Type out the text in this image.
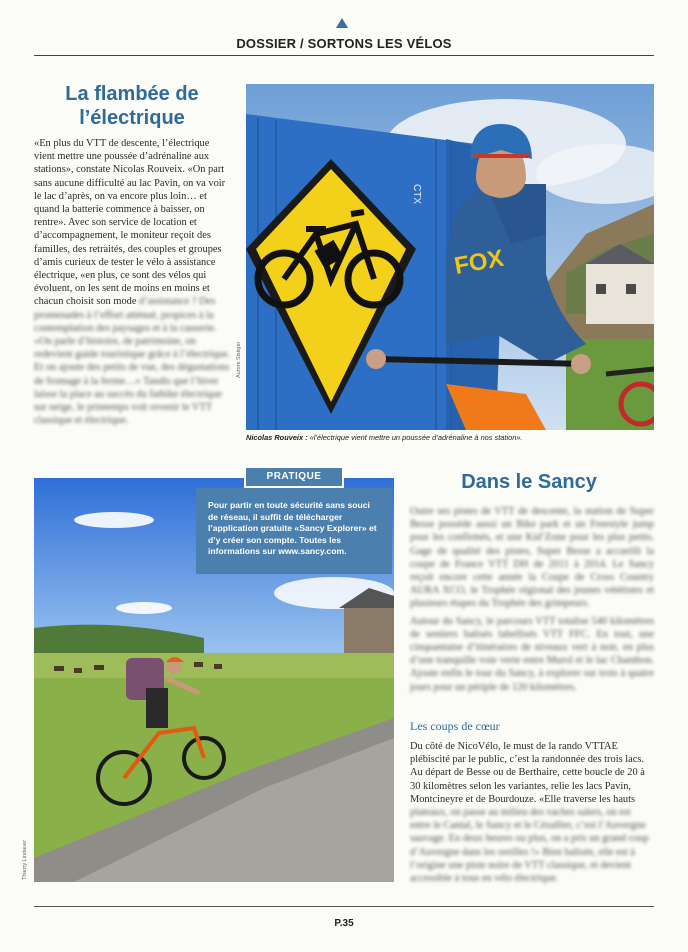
DOSSIER / SORTONS LES VÉLOS
La flambée de l’électrique
«En plus du VTT de descente, l’électrique vient mettre une poussée d’adrénaline aux stations», constate Nicolas Rouveix. «On part sans aucune difficulté au lac Pavin, on va voir le lac d’après, on va encore plus loin… et quand la batterie commence à baisser, on rentre». Avec son service de location et d’accompagnement, le moniteur reçoit des familles, des retraités, des couples et groupes d’amis curieux de tester le vélo à assistance électrique, «en plus, ce sont des vélos qui évoluent, on les sent de moins en moins et chacun choisit son mode d’assistance ? Des promenades à l’effort atténué, propices à la contemplation des paysages et à la causerie. «On parle d’histoire, de patrimoine, on redevient guide touristique grâce à l’électrique. Et on ajoute des petits de vue, des dégustations de fromage à la ferme…» Tandis que l’hiver laisse la place au succès du fatbike électrique sur neige, le printemps voit revenir le VTT classique et électrique.
CTX
FOX
Aurore Sistiger
Nicolas Rouveix : «l’électrique vient mettre un poussée d’adrénaline à nos station».
Thierry Lindauer
PRATIQUE
Pour partir en toute sécurité sans souci de réseau, il suffit de télécharger l’application gratuite «Sancy Explorer» et d’y créer son compte. Toutes les informations sur www.sancy.com.
Dans le Sancy

Outre ses pistes de VTT de descente, la station de Super Besse possède aussi un Bike park et un Freestyle jump pour les confirmés, et une Kid’Zone pour les plus petits. Gage de qualité des pistes, Super Besse a accueilli la coupe de France VTT DH de 2011 à 2014. Le Sancy reçoit encore cette année la Coupe de Cross Country AURA XCO, le Trophée régional des jeunes vététistes et plusieurs étapes du Trophée des grimpeurs.

Autour du Sancy, le parcours VTT totalise 540 kilomètres de sentiers balisés labellisés VTT FFC. En tout, une cinquantaine d’itinéraires de niveaux vert à noir, en plus d’une tranquille voie verte entre Murol et le lac Chambon. Ajoute enfin le tour du Sancy, à explorer sur trois à quatre jours pour un périple de 120 kilomètres.

Les coups de cœur
Du côté de NicoVélo, le must de la rando VTTAE plébiscité par le public, c’est la randonnée des trois lacs. Au départ de Besse ou de Berthaire, cette boucle de 20 à 30 kilomètres selon les variantes, relie les lacs Pavin, Montcineyre et de Bourdouze. «Elle traverse les hauts plateaux, on passe au milieu des vaches salers, on est entre le Cantal, le Sancy et le Cézallier, c’est l’Auvergne sauvage. En deux heures ou plus, on a pris un grand coup d’Auvergne dans les oreilles !» Bien balisée, elle est à l’origine une piste noire de VTT classique, et devient accessible à tous en vélo électrique.
P.35
